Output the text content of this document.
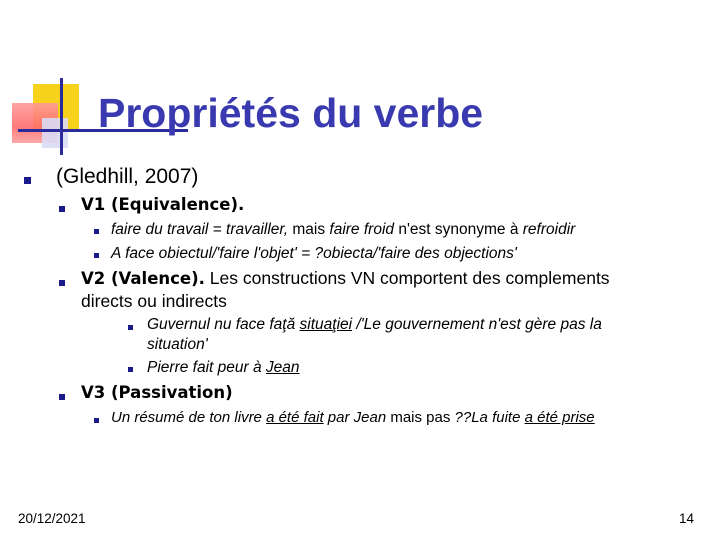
Propriétés du verbe
(Gledhill, 2007)
V1 (Equivalence).
faire du travail = travailler, mais faire froid n'est synonyme à refroidir
A face obiectul/'faire l'objet' = ?obiecta/'faire des objections'
V2 (Valence). Les constructions VN comportent des complements
directs ou indirects
Guvernul nu face faţă situaţiei /'Le gouvernement n'est gère pas la
situation'
Pierre fait peur à Jean
V3 (Passivation)
Un résumé de ton livre a été fait par Jean mais pas ??La fuite a été prise
20/12/2021	14
